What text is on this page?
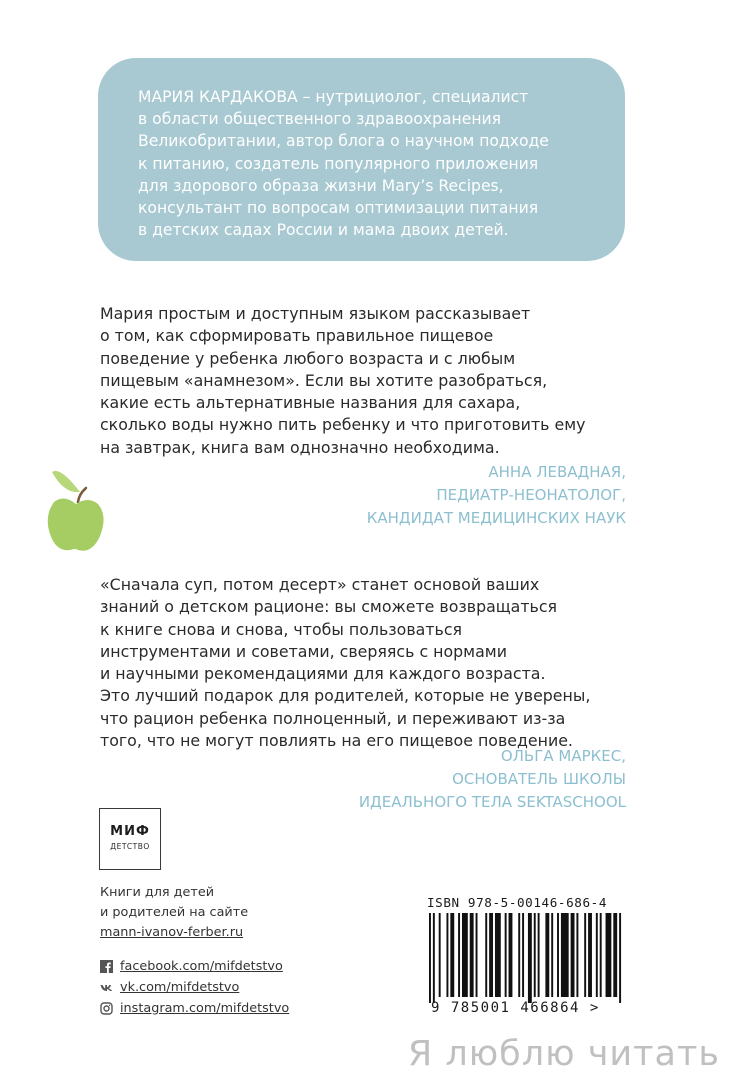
МАРИЯ КАРДАКОВА – нутрициолог, специалист
в области общественного здравоохранения
Великобритании, автор блога о научном подходе
к питанию, создатель популярного приложения
для здорового образа жизни Mary’s Recipes,
консультант по вопросам оптимизации питания
в детских садах России и мама двоих детей.
Мария простым и доступным языком рассказывает
о том, как сформировать правильное пищевое
поведение у ребенка любого возраста и с любым
пищевым «анамнезом». Если вы хотите разобраться,
какие есть альтернативные названия для сахара,
сколько воды нужно пить ребенку и что приготовить ему
на завтрак, книга вам однозначно необходима.
АННА ЛЕВАДНАЯ,
ПЕДИАТР-НЕОНАТОЛОГ,
КАНДИДАТ МЕДИЦИНСКИХ НАУК
«Сначала суп, потом десерт» станет основой ваших
знаний о детском рационе: вы сможете возвращаться
к книге снова и снова, чтобы пользоваться
инструментами и советами, сверяясь с нормами
и научными рекомендациями для каждого возраста.
Это лучший подарок для родителей, которые не уверены,
что рацион ребенка полноценный, и переживают из-за
того, что не могут повлиять на его пищевое поведение.
ОЛЬГА МАРКЕС,
ОСНОВАТЕЛЬ ШКОЛЫ
ИДЕАЛЬНОГО ТЕЛА SEKTASCHOOL
МИФ
ДЕТСТВО
Книги для детей
и родителей на сайте
mann-ivanov-ferber.ru
facebook.com/mifdetstvo
vk.com/mifdetstvo
instagram.com/mifdetstvo
ISBN 978-5-00146-686-4
9 785001 466864 >
Я люблю читать
